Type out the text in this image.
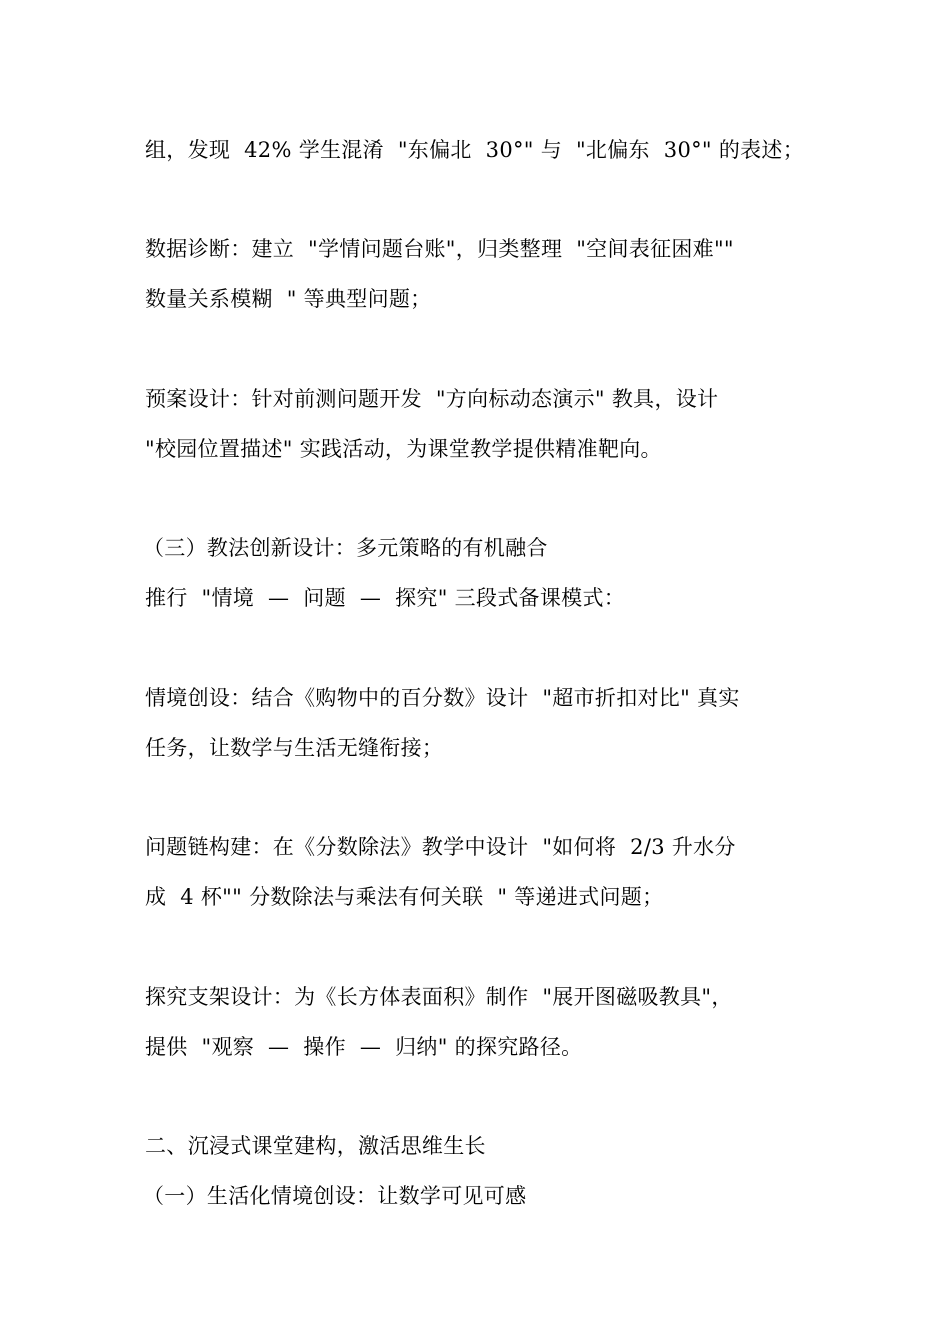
组，发现  42% 学生混淆  "东偏北  30°" 与  "北偏东  30°" 的表述；
数据诊断：建立  "学情问题台账"，归类整理  "空间表征困难""
数量关系模糊  " 等典型问题；
预案设计：针对前测问题开发  "方向标动态演示" 教具，设计
"校园位置描述" 实践活动，为课堂教学提供精准靶向。
（三）教法创新设计：多元策略的有机融合
推行  "情境  —  问题  —  探究" 三段式备课模式：
情境创设：结合《购物中的百分数》设计  "超市折扣对比" 真实
任务，让数学与生活无缝衔接；
问题链构建：在《分数除法》教学中设计  "如何将  2/3 升水分
成  4 杯"" 分数除法与乘法有何关联  " 等递进式问题；
探究支架设计：为《长方体表面积》制作  "展开图磁吸教具"，
提供  "观察  —  操作  —  归纳" 的探究路径。
二、沉浸式课堂建构，激活思维生长
（一）生活化情境创设：让数学可见可感
